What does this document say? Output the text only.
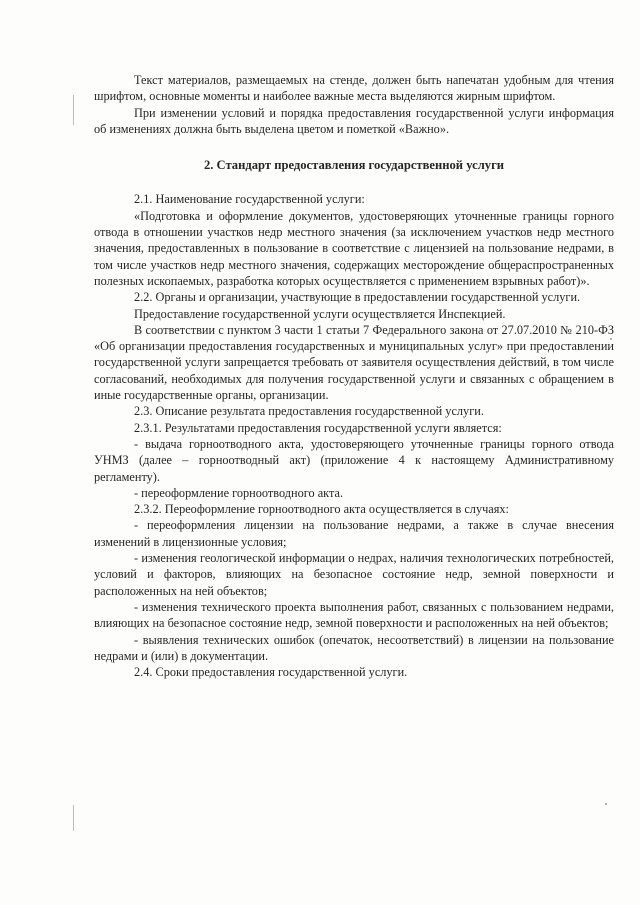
Текст материалов, размещаемых на стенде, должен быть напечатан удобным для чтения шрифтом, основные моменты и наиболее важные места выделяются жирным шрифтом.

При изменении условий и порядка предоставления государственной услуги информация об изменениях должна быть выделена цветом и пометкой «Важно».

2. Стандарт предоставления государственной услуги

2.1. Наименование государственной услуги:

«Подготовка и оформление документов, удостоверяющих уточненные границы горного отвода в отношении участков недр местного значения (за исключением участков недр местного значения, предоставленных в пользование в соответствие с лицензией на пользование недрами, в том числе участков недр местного значения, содержащих месторождение общераспространенных полезных ископаемых, разработка которых осуществляется с применением взрывных работ)».

2.2. Органы и организации, участвующие в предоставлении государственной услуги.

Предоставление государственной услуги осуществляется Инспекцией.

В соответствии с пунктом 3 части 1 статьи 7 Федерального закона от 27.07.2010 № 210-ФЗ «Об организации предоставления государственных и муниципальных услуг» при предоставлении государственной услуги запрещается требовать от заявителя осуществления действий, в том числе согласований, необходимых для получения государственной услуги и связанных с обращением в иные государственные органы, организации.

2.3. Описание результата предоставления государственной услуги.

2.3.1. Результатами предоставления государственной услуги является:

- выдача горноотводного акта, удостоверяющего уточненные границы горного отвода УНМЗ (далее – горноотводный акт) (приложение 4 к настоящему Административному регламенту).

- переоформление горноотводного акта.

2.3.2. Переоформление горноотводного акта осуществляется в случаях:

- переоформления лицензии на пользование недрами, а также в случае внесения изменений в лицензионные условия;

- изменения геологической информации о недрах, наличия технологических потребностей, условий и факторов, влияющих на безопасное состояние недр, земной поверхности и расположенных на ней объектов;

- изменения технического проекта выполнения работ, связанных с пользованием недрами, влияющих на безопасное состояние недр, земной поверхности и расположенных на ней объектов;

- выявления технических ошибок (опечаток, несоответствий) в лицензии на пользование недрами и (или) в документации.

2.4. Сроки предоставления государственной услуги.
